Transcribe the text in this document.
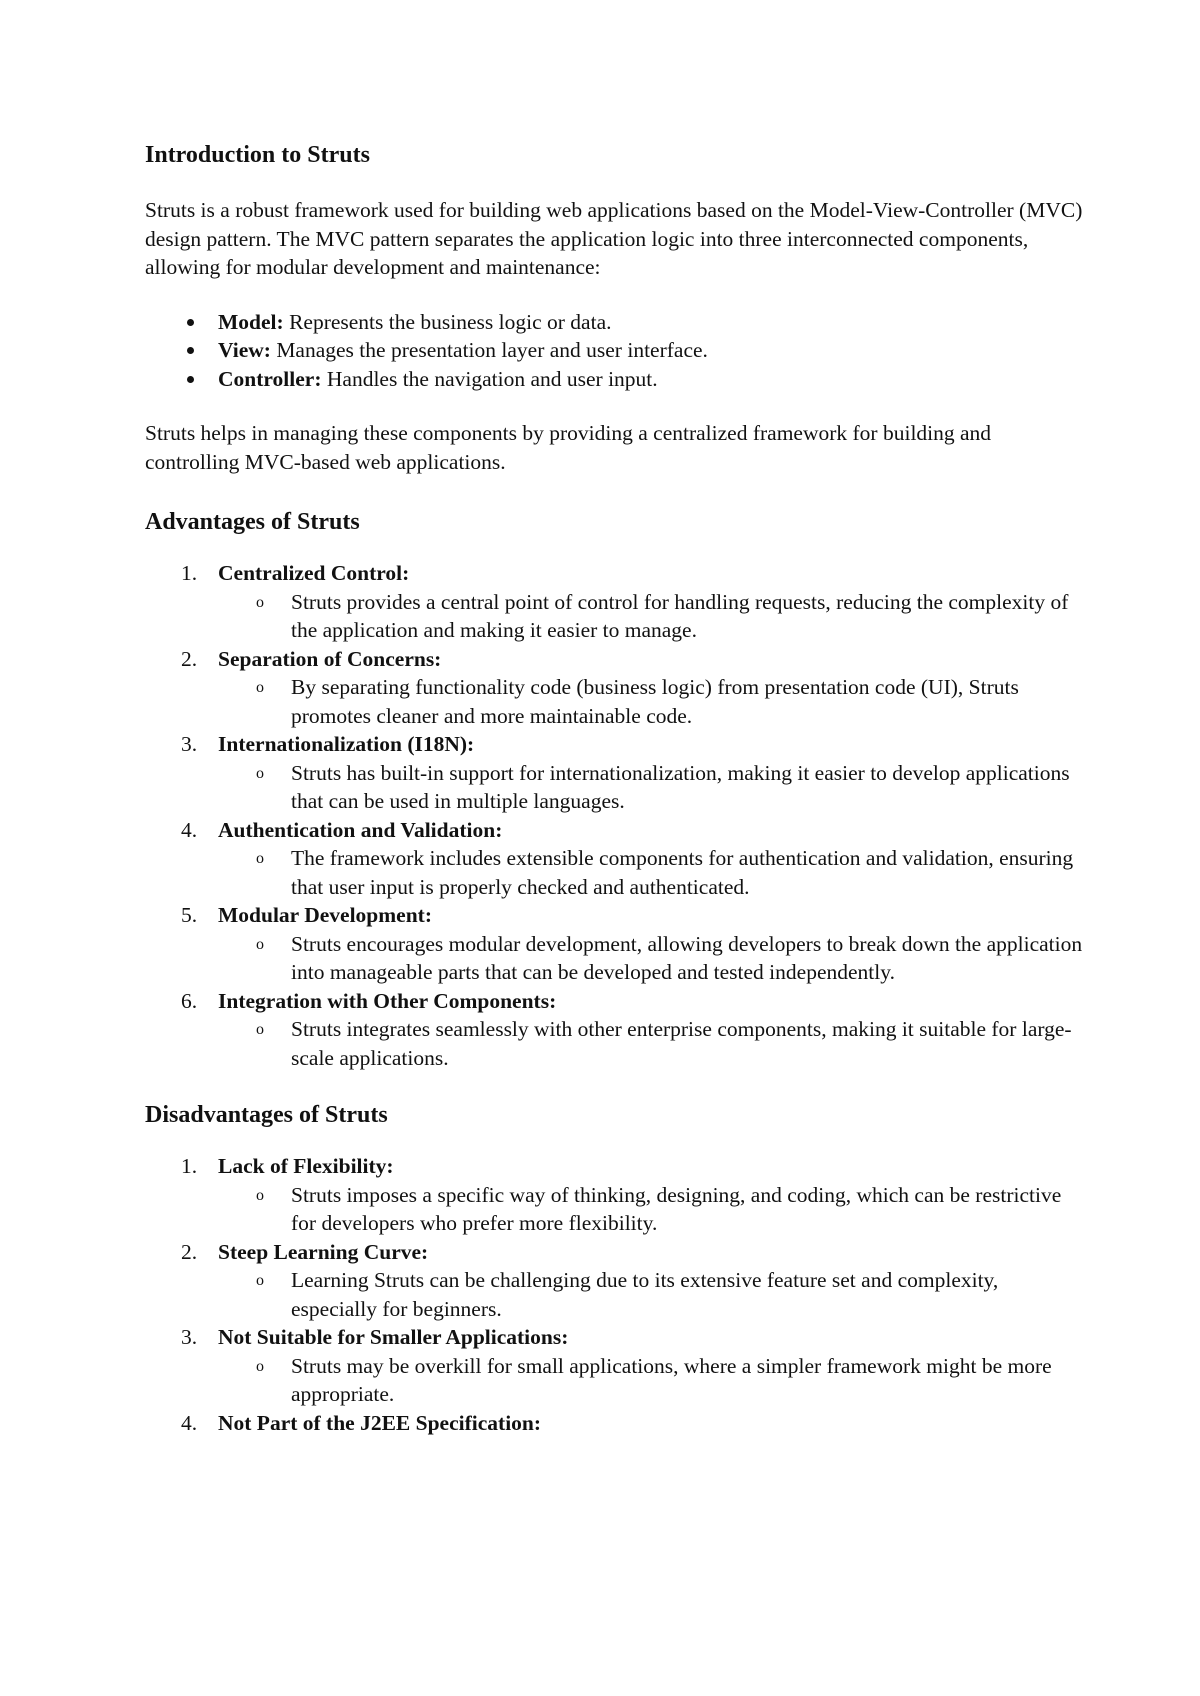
Introduction to Struts

Struts is a robust framework used for building web applications based on the Model-View-Controller (MVC) design pattern. The MVC pattern separates the application logic into three interconnected components, allowing for modular development and maintenance:

Model: Represents the business logic or data.
View: Manages the presentation layer and user interface.
Controller: Handles the navigation and user input.

Struts helps in managing these components by providing a centralized framework for building and controlling MVC-based web applications.

Advantages of Struts
1. Centralized Control:
o Struts provides a central point of control for handling requests, reducing the complexity of the application and making it easier to manage.
2. Separation of Concerns:
o By separating functionality code (business logic) from presentation code (UI), Struts promotes cleaner and more maintainable code.
3. Internationalization (I18N):
o Struts has built-in support for internationalization, making it easier to develop applications that can be used in multiple languages.
4. Authentication and Validation:
o The framework includes extensible components for authentication and validation, ensuring that user input is properly checked and authenticated.
5. Modular Development:
o Struts encourages modular development, allowing developers to break down the application into manageable parts that can be developed and tested independently.
6. Integration with Other Components:
o Struts integrates seamlessly with other enterprise components, making it suitable for large-scale applications.
Disadvantages of Struts
1. Lack of Flexibility:
o Struts imposes a specific way of thinking, designing, and coding, which can be restrictive for developers who prefer more flexibility.
2. Steep Learning Curve:
o Learning Struts can be challenging due to its extensive feature set and complexity, especially for beginners.
3. Not Suitable for Smaller Applications:
o Struts may be overkill for small applications, where a simpler framework might be more appropriate.
4. Not Part of the J2EE Specification:
